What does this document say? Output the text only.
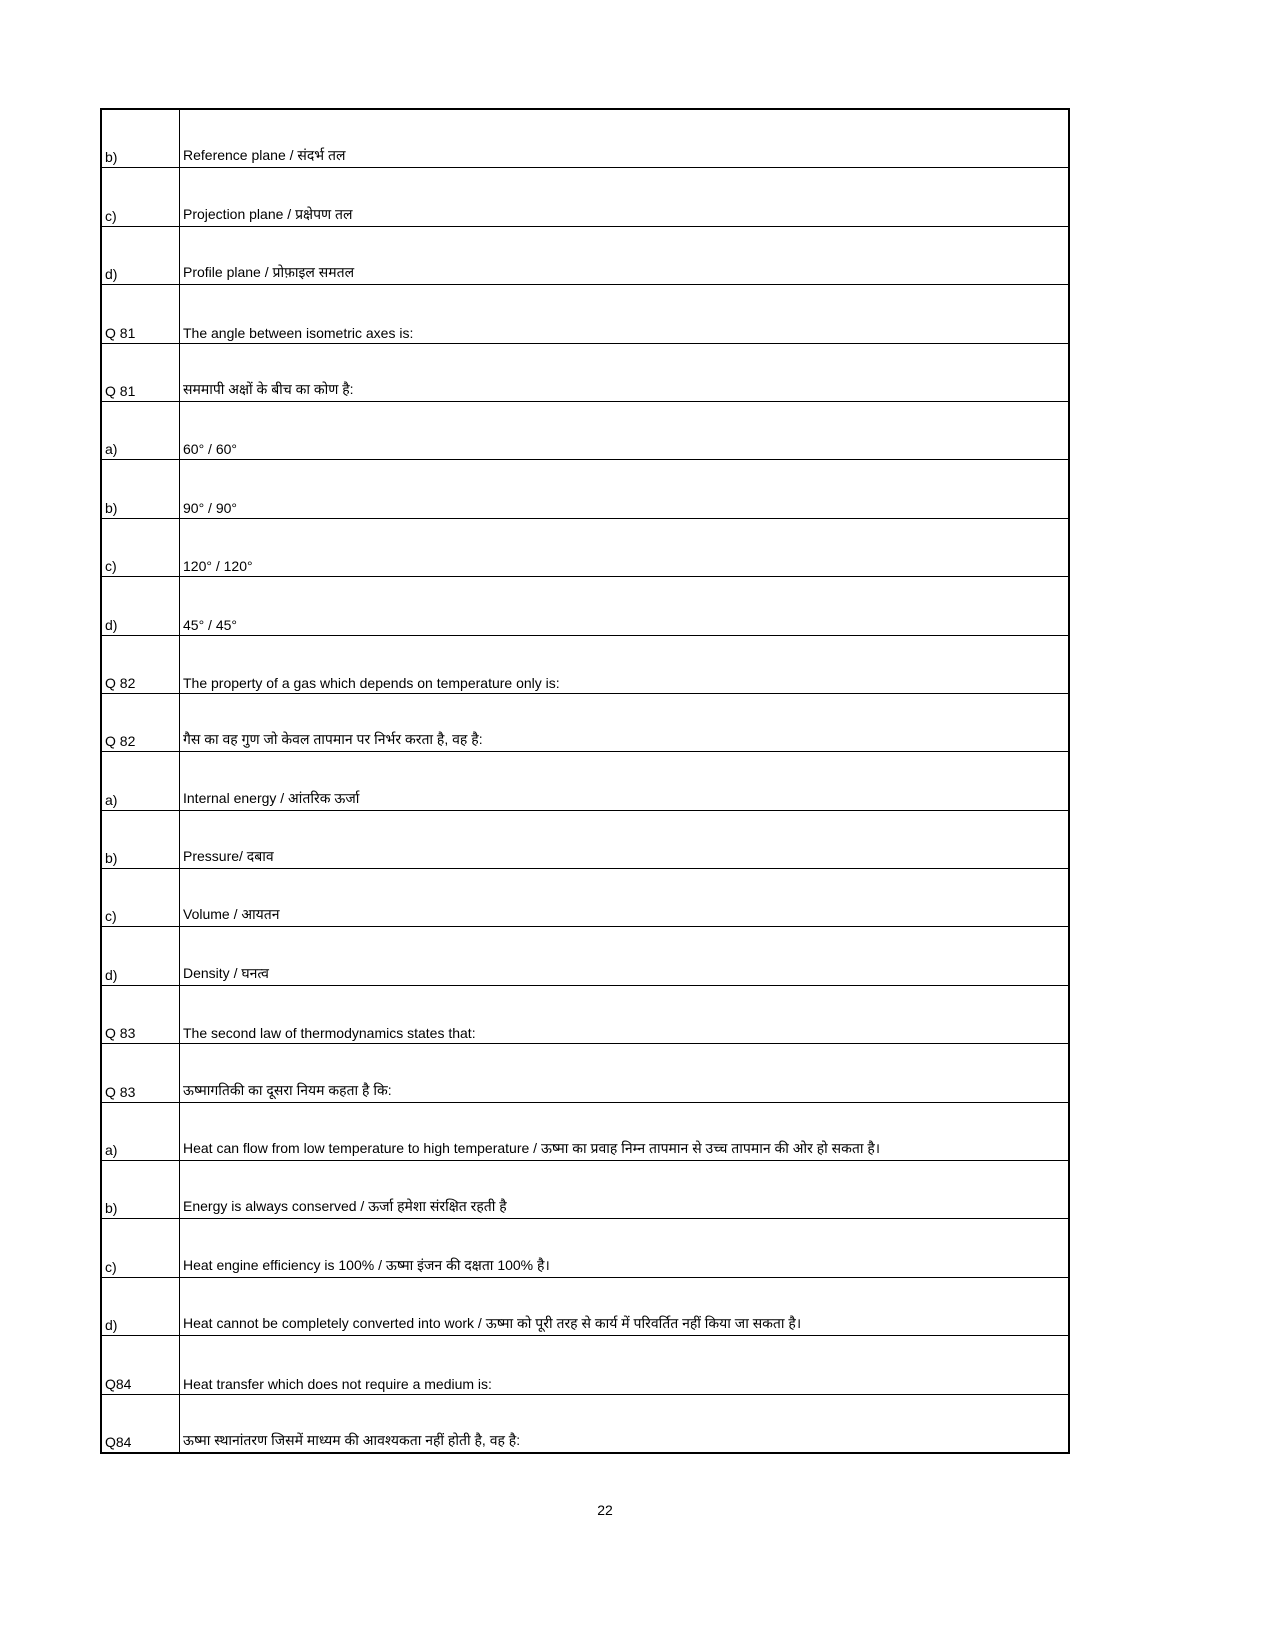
b)	Reference plane / संदर्भ तल
c)	Projection plane / प्रक्षेपण तल
d)	Profile plane / प्रोफ़ाइल समतल
Q 81	The angle between isometric axes is:
Q 81	सममापी अक्षों के बीच का कोण है:
a)	60° / 60°
b)	90° / 90°
c)	120° / 120°
d)	45° / 45°
Q 82	The property of a gas which depends on temperature only is:
Q 82	गैस का वह गुण जो केवल तापमान पर निर्भर करता है, वह है:
a)	Internal energy / आंतरिक ऊर्जा
b)	Pressure/ दबाव
c)	Volume / आयतन
d)	Density / घनत्व
Q 83	The second law of thermodynamics states that:
Q 83	ऊष्मागतिकी का दूसरा नियम कहता है कि:
a)	Heat can flow from low temperature to high temperature / ऊष्मा का प्रवाह निम्न तापमान से उच्च तापमान की ओर हो सकता है।
b)	Energy is always conserved / ऊर्जा हमेशा संरक्षित रहती है
c)	Heat engine efficiency is 100% / ऊष्मा इंजन की दक्षता 100% है।
d)	Heat cannot be completely converted into work / ऊष्मा को पूरी तरह से कार्य में परिवर्तित नहीं किया जा सकता है।
Q84	Heat transfer which does not require a medium is:
Q84	ऊष्मा स्थानांतरण जिसमें माध्यम की आवश्यकता नहीं होती है, वह है:
22
